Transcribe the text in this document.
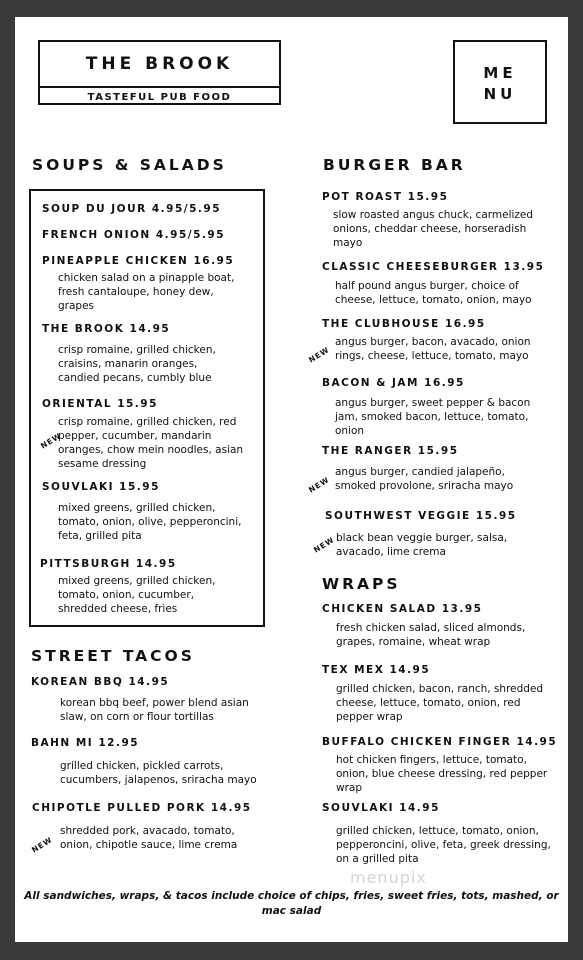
THE BROOK
TASTEFUL PUB FOOD
ME
NU
SOUPS & SALADS
SOUP DU JOUR 4.95/5.95
FRENCH ONION 4.95/5.95
PINEAPPLE CHICKEN 16.95
chicken salad on a pinapple boat,
fresh cantaloupe, honey dew,
grapes
THE BROOK 14.95
crisp romaine, grilled chicken,
craisins, manarin oranges,
candied pecans, cumbly blue
ORIENTAL 15.95
crisp romaine, grilled chicken, red
pepper, cucumber, mandarin
oranges, chow mein noodles, asian
sesame dressing
NEW
SOUVLAKI 15.95
mixed greens, grilled chicken,
tomato, onion, olive, pepperoncini,
feta, grilled pita
PITTSBURGH 14.95
mixed greens, grilled chicken,
tomato, onion, cucumber,
shredded cheese, fries
STREET TACOS
KOREAN BBQ 14.95
korean bbq beef, power blend asian
slaw, on corn or flour tortillas
BAHN MI 12.95
grilled chicken, pickled carrots,
cucumbers, jalapenos, sriracha mayo
CHIPOTLE PULLED PORK 14.95
shredded pork, avacado, tomato,
onion, chipotle sauce, lime crema
NEW
BURGER BAR
POT ROAST 15.95
slow roasted angus chuck, carmelized
onions, cheddar cheese, horseradish
mayo
CLASSIC CHEESEBURGER 13.95
half pound angus burger, choice of
cheese, lettuce, tomato, onion, mayo
THE CLUBHOUSE 16.95
angus burger, bacon, avacado, onion
rings, cheese, lettuce, tomato, mayo
NEW
BACON & JAM 16.95
angus burger, sweet pepper & bacon
jam, smoked bacon, lettuce, tomato,
onion
THE RANGER 15.95
angus burger, candied jalapeño,
smoked provolone, sriracha mayo
NEW
SOUTHWEST VEGGIE 15.95
black bean veggie burger, salsa,
avacado, lime crema
NEW
WRAPS
CHICKEN SALAD 13.95
fresh chicken salad, sliced almonds,
grapes, romaine, wheat wrap
TEX MEX 14.95
grilled chicken, bacon, ranch, shredded
cheese, lettuce, tomato, onion, red
pepper wrap
BUFFALO CHICKEN FINGER 14.95
hot chicken fingers, lettuce, tomato,
onion, blue cheese dressing, red pepper
wrap
SOUVLAKI 14.95
grilled chicken, lettuce, tomato, onion,
pepperoncini, olive, feta, greek dressing,
on a grilled pita
menupix
All sandwiches, wraps, & tacos include choice of chips, fries, sweet fries, tots, mashed, or
mac salad
